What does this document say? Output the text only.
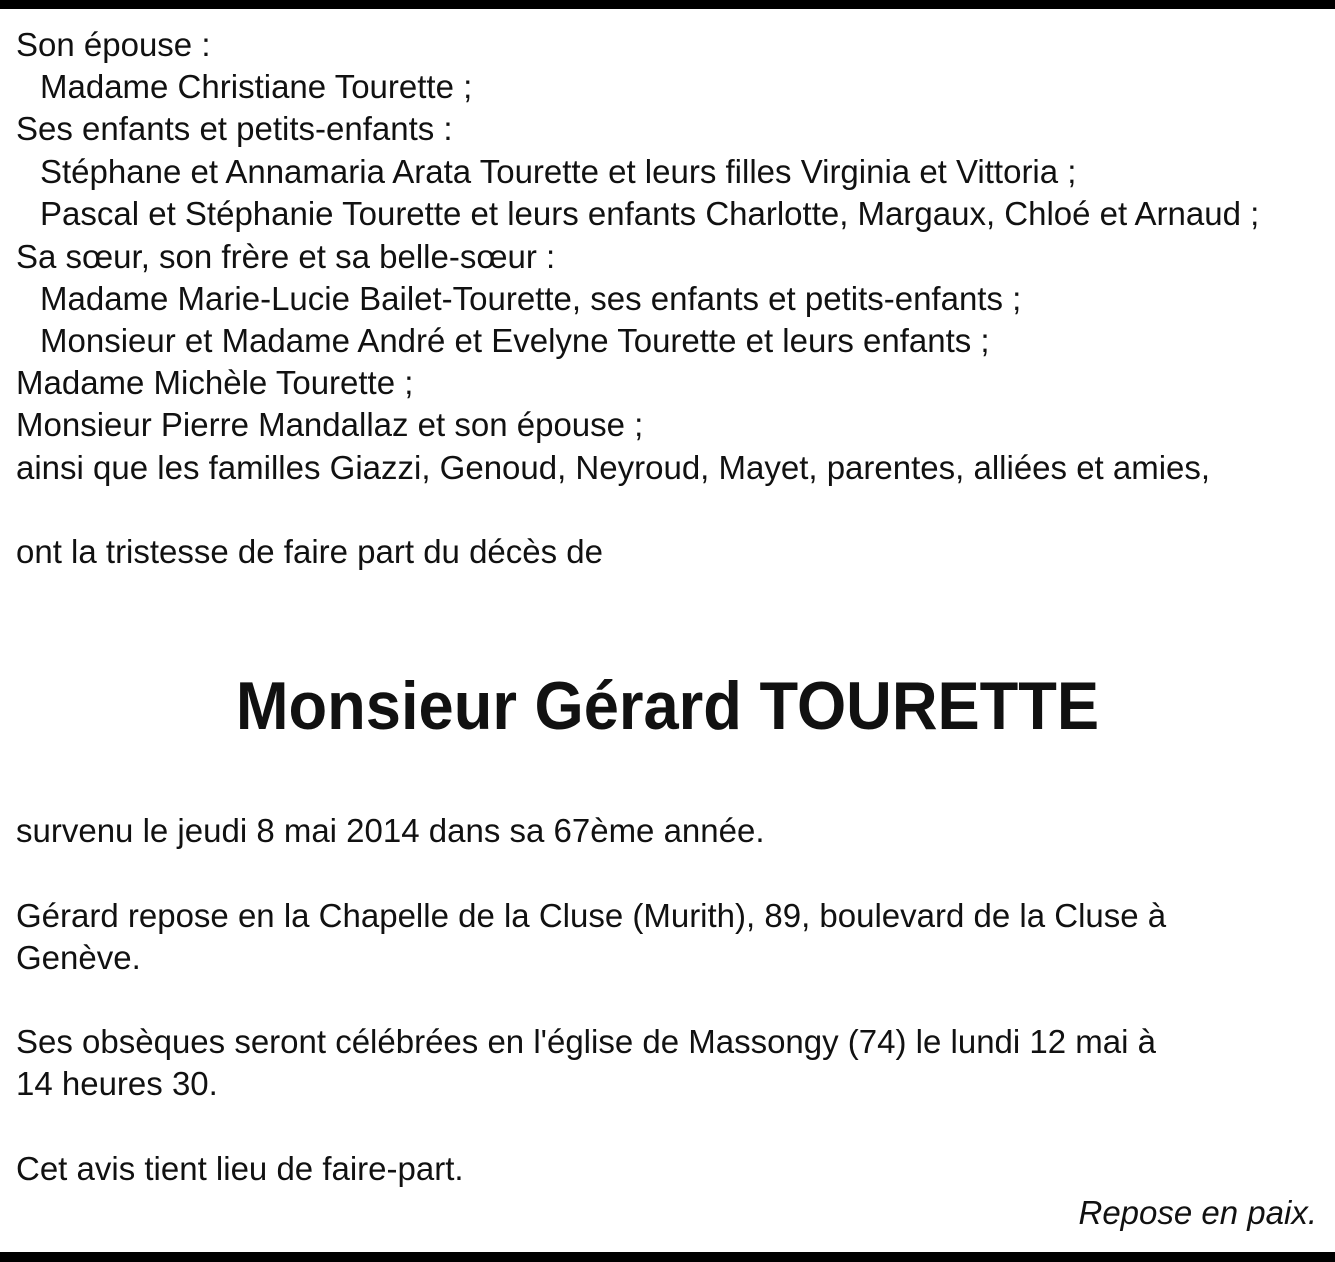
Son épouse :
Madame Christiane Tourette ;
Ses enfants et petits-enfants :
Stéphane et Annamaria Arata Tourette et leurs filles Virginia et Vittoria ;
Pascal et Stéphanie Tourette et leurs enfants Charlotte, Margaux, Chloé et Arnaud ;
Sa sœur, son frère et sa belle-sœur :
Madame Marie-Lucie Bailet-Tourette, ses enfants et petits-enfants ;
Monsieur et Madame André et Evelyne Tourette et leurs enfants ;
Madame Michèle Tourette ;
Monsieur Pierre Mandallaz et son épouse ;
ainsi que les familles Giazzi, Genoud, Neyroud, Mayet, parentes, alliées et amies,
ont la tristesse de faire part du décès de
Monsieur Gérard TOURETTE
survenu le jeudi 8 mai 2014 dans sa 67ème année.
Gérard repose en la Chapelle de la Cluse (Murith), 89, boulevard de la Cluse à
Genève.
Ses obsèques seront célébrées en l'église de Massongy (74) le lundi 12 mai à
14 heures 30.
Cet avis tient lieu de faire-part.
Repose en paix.
